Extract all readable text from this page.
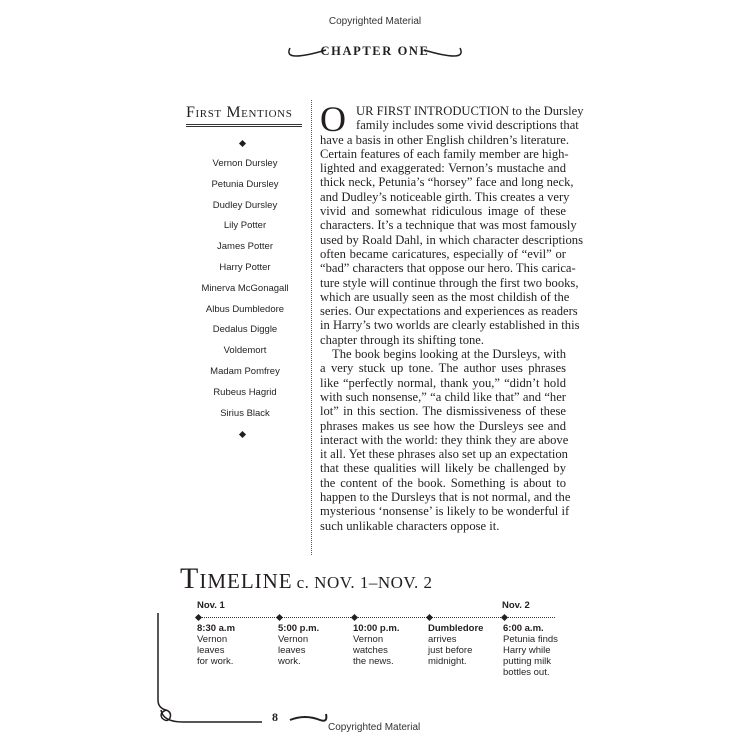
Copyrighted Material
CHAPTER ONE
First Mentions
Vernon Dursley
Petunia Dursley
Dudley Dursley
Lily Potter
James Potter
Harry Potter
Minerva McGonagall
Albus Dumbledore
Dedalus Diggle
Voldemort
Madam Pomfrey
Rubeus Hagrid
Sirius Black
O UR FIRST INTRODUCTION to the Dursley
family includes some vivid descriptions that
have a basis in other English children’s literature.
Certain features of each family member are high-
lighted and exaggerated: Vernon’s mustache and
thick neck, Petunia’s “horsey” face and long neck,
and Dudley’s noticeable girth. This creates a very
vivid and somewhat ridiculous image of these
characters. It’s a technique that was most famously
used by Roald Dahl, in which character descriptions
often became caricatures, especially of “evil” or
“bad” characters that oppose our hero. This carica-
ture style will continue through the first two books,
which are usually seen as the most childish of the
series. Our expectations and experiences as readers
in Harry’s two worlds are clearly established in this
chapter through its shifting tone.
The book begins looking at the Dursleys, with
a very stuck up tone. The author uses phrases
like “perfectly normal, thank you,” “didn’t hold
with such nonsense,” “a child like that” and “her
lot” in this section. The dismissiveness of these
phrases makes us see how the Dursleys see and
interact with the world: they think they are above
it all. Yet these phrases also set up an expectation
that these qualities will likely be challenged by
the content of the book. Something is about to
happen to the Dursleys that is not normal, and the
mysterious ‘nonsense’ is likely to be wonderful if
such unlikable characters oppose it.
Timeline c. NOV. 1–NOV. 2
Nov. 1	Nov. 2
8:30 a.m
Vernon
leaves
for work.
5:00 p.m.
Vernon
leaves
work.
10:00 p.m.
Vernon
watches
the news.
Dumbledore
arrives
just before
midnight.
6:00 a.m.
Petunia finds
Harry while
putting milk
bottles out.
8
Copyrighted Material
